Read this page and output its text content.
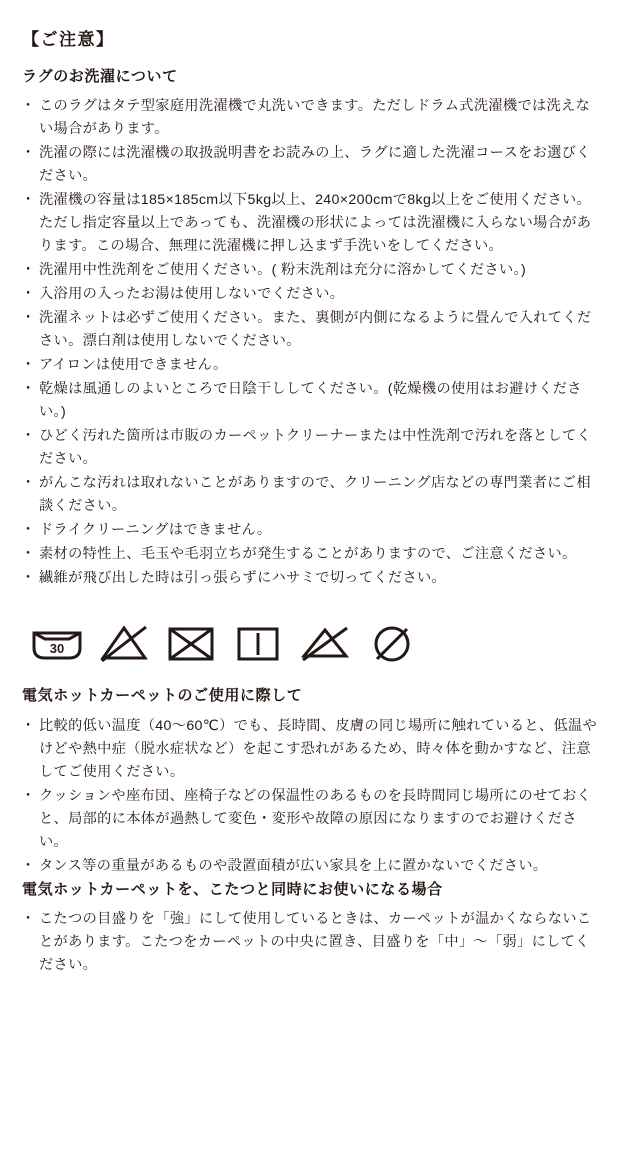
【ご注意】
ラグのお洗濯について
・ このラグはタテ型家庭用洗濯機で丸洗いできます。ただしドラム式洗濯機では洗えない場合があります。
・ 洗濯の際には洗濯機の取扱説明書をお読みの上、ラグに適した洗濯コースをお選びください。
・ 洗濯機の容量は185×185cm以下5kg以上、240×200cmで8kg以上をご使用ください。ただし指定容量以上であっても、洗濯機の形状によっては洗濯機に入らない場合があります。この場合、無理に洗濯機に押し込まず手洗いをしてください。
・ 洗濯用中性洗剤をご使用ください。( 粉末洗剤は充分に溶かしてください。)
・ 入浴用の入ったお湯は使用しないでください。
・ 洗濯ネットは必ずご使用ください。また、裏側が内側になるように畳んで入れてください。漂白剤は使用しないでください。
・ アイロンは使用できません。
・ 乾燥は風通しのよいところで日陰干ししてください。(乾燥機の使用はお避けください。)
・ ひどく汚れた箇所は市販のカーペットクリーナーまたは中性洗剤で汚れを落としてください。
・ がんこな汚れは取れないことがありますので、クリーニング店などの専門業者にご相談ください。
・ ドライクリーニングはできません。
・ 素材の特性上、毛玉や毛羽立ちが発生することがありますので、ご注意ください。
・ 繊維が飛び出した時は引っ張らずにハサミで切ってください。
30
電気ホットカーペットのご使用に際して
・ 比較的低い温度（40〜60℃）でも、長時間、皮膚の同じ場所に触れていると、低温やけどや熱中症（脱水症状など）を起こす恐れがあるため、時々体を動かすなど、注意してご使用ください。
・ クッションや座布団、座椅子などの保温性のあるものを長時間同じ場所にのせておくと、局部的に本体が過熱して変色・変形や故障の原因になりますのでお避けください。
・ タンス等の重量があるものや設置面積が広い家具を上に置かないでください。
電気ホットカーペットを、こたつと同時にお使いになる場合
・ こたつの目盛りを「強」にして使用しているときは、カーペットが温かくならないことがあります。こたつをカーペットの中央に置き、目盛りを「中」〜「弱」にしてください。
